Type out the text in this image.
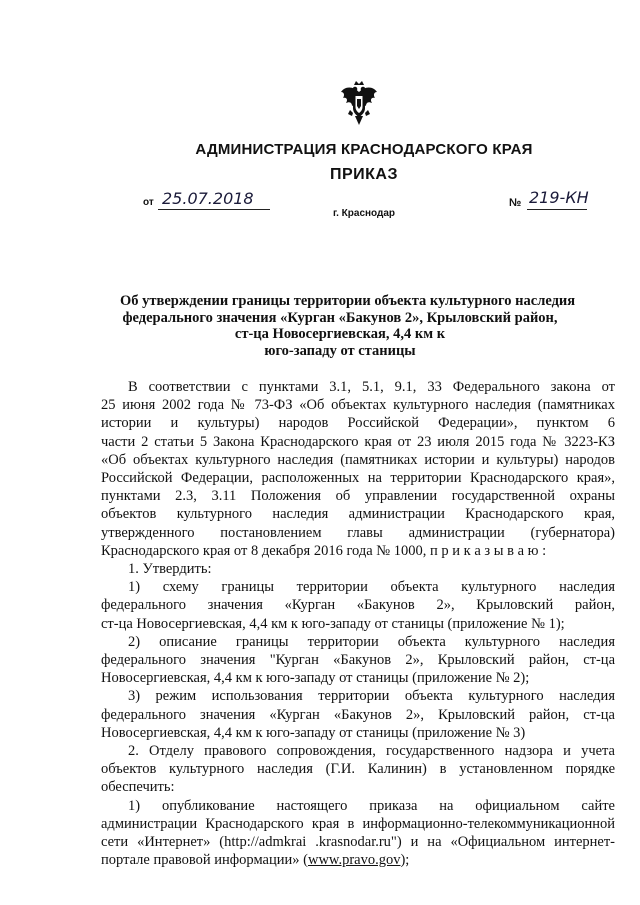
АДМИНИСТРАЦИЯ КРАСНОДАРСКОГО КРАЯ
ПРИКАЗ
от 25.07.2018	№ 219-КН
г. Краснодар
Об утверждении границы территории объекта культурного наследия
федерального значения «Курган «Бакунов 2», Крыловский район,
ст-ца Новосергиевская, 4,4 км к
юго-западу от станицы

В соответствии с пунктами 3.1, 5.1, 9.1, 33 Федерального закона от

25 июня 2002 года № 73-ФЗ «Об объектах культурного наследия (памятниках

истории и культуры) народов Российской Федерации», пунктом 6

части 2 статьи 5 Закона Краснодарского края от 23 июля 2015 года № 3223-КЗ

«Об объектах культурного наследия (памятниках истории и культуры) народов

Российской Федерации, расположенных на территории Краснодарского края»,

пунктами 2.3, 3.11 Положения об управлении государственной охраны

объектов культурного наследия администрации Краснодарского края,

утвержденного постановлением главы администрации (губернатора)

Краснодарского края от 8 декабря 2016 года № 1000, п р и к а з ы в а ю :

1. Утвердить:

1) схему границы территории объекта культурного наследия

федерального значения «Курган «Бакунов 2», Крыловский район,

ст-ца Новосергиевская, 4,4 км к юго-западу от станицы (приложение № 1);

2) описание границы территории объекта культурного наследия

федерального значения "Курган «Бакунов 2», Крыловский район, ст-ца

Новосергиевская, 4,4 км к юго-западу от станицы (приложение № 2);

3) режим использования территории объекта культурного наследия

федерального значения «Курган «Бакунов 2», Крыловский район, ст-ца

Новосергиевская, 4,4 км к юго-западу от станицы (приложение № 3)

2. Отделу правового сопровождения, государственного надзора и учета

объектов культурного наследия (Г.И. Калинин) в установленном порядке

обеспечить:

1) опубликование настоящего приказа на официальном сайте

администрации Краснодарского края в информационно-телекоммуникационной

сети «Интернет» (http://admkrai .krasnodar.ru") и на «Официальном интернет-

портале правовой информации» (www.pravo.gov);
